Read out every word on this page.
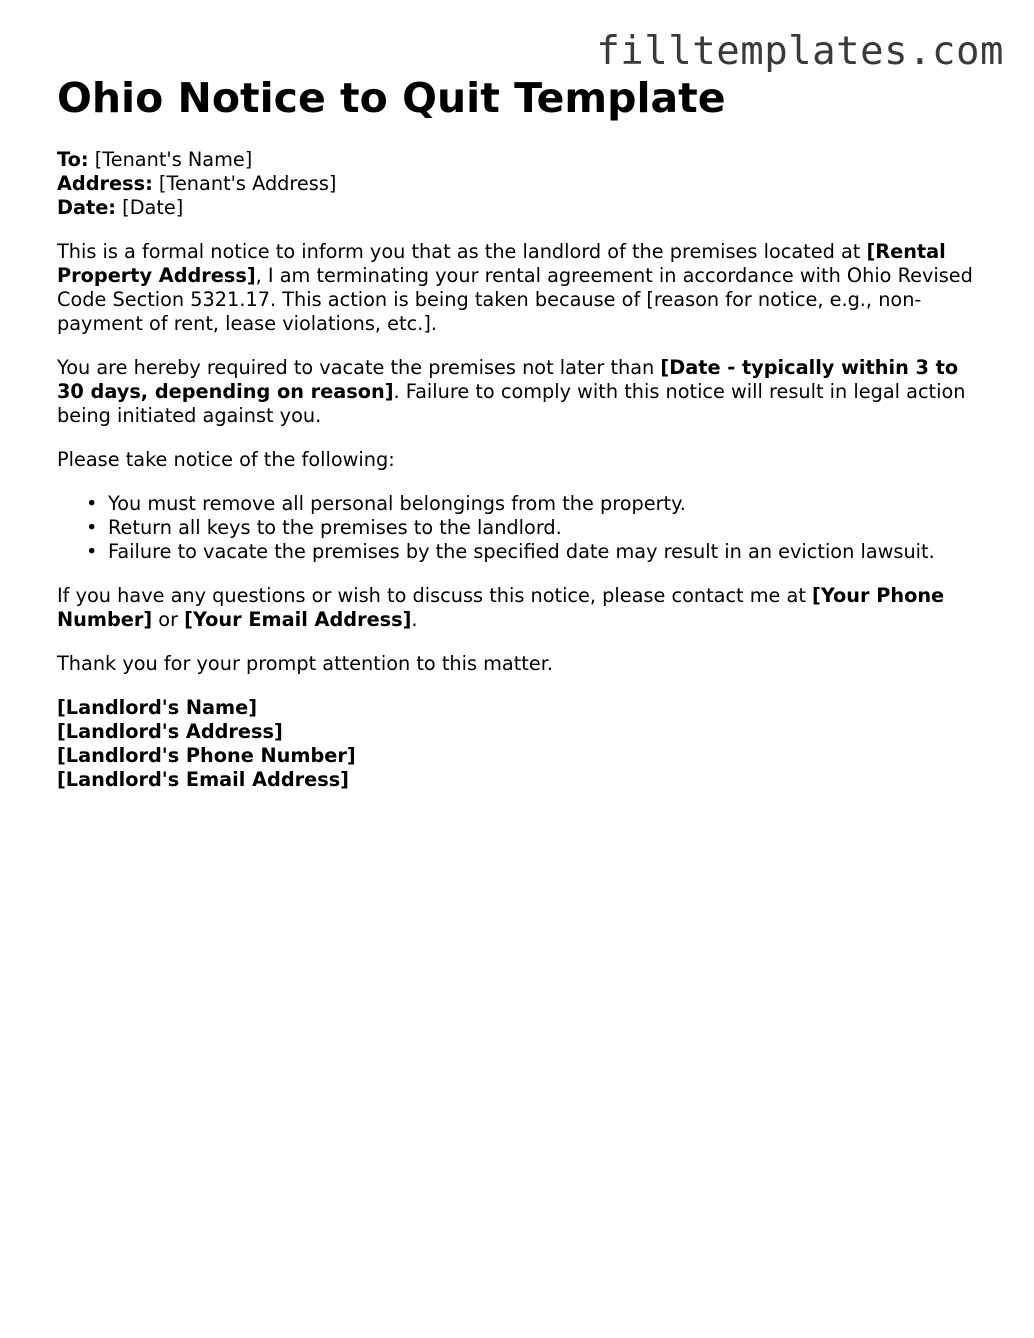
filltemplates.com
Ohio Notice to Quit Template

To: [Tenant's Name]

Address: [Tenant's Address]

Date: [Date]

This is a formal notice to inform you that as the landlord of the premises located at [Rental Property Address], I am terminating your rental agreement in accordance with Ohio Revised Code Section 5321.17. This action is being taken because of [reason for notice, e.g., non-payment of rent, lease violations, etc.].

You are hereby required to vacate the premises not later than [Date - typically within 3 to 30 days, depending on reason]. Failure to comply with this notice will result in legal action being initiated against you.

Please take notice of the following:

• You must remove all personal belongings from the property.
• Return all keys to the premises to the landlord.
• Failure to vacate the premises by the specified date may result in an eviction lawsuit.

If you have any questions or wish to discuss this notice, please contact me at [Your Phone Number] or [Your Email Address].

Thank you for your prompt attention to this matter.

[Landlord's Name]

[Landlord's Address]

[Landlord's Phone Number]

[Landlord's Email Address]
